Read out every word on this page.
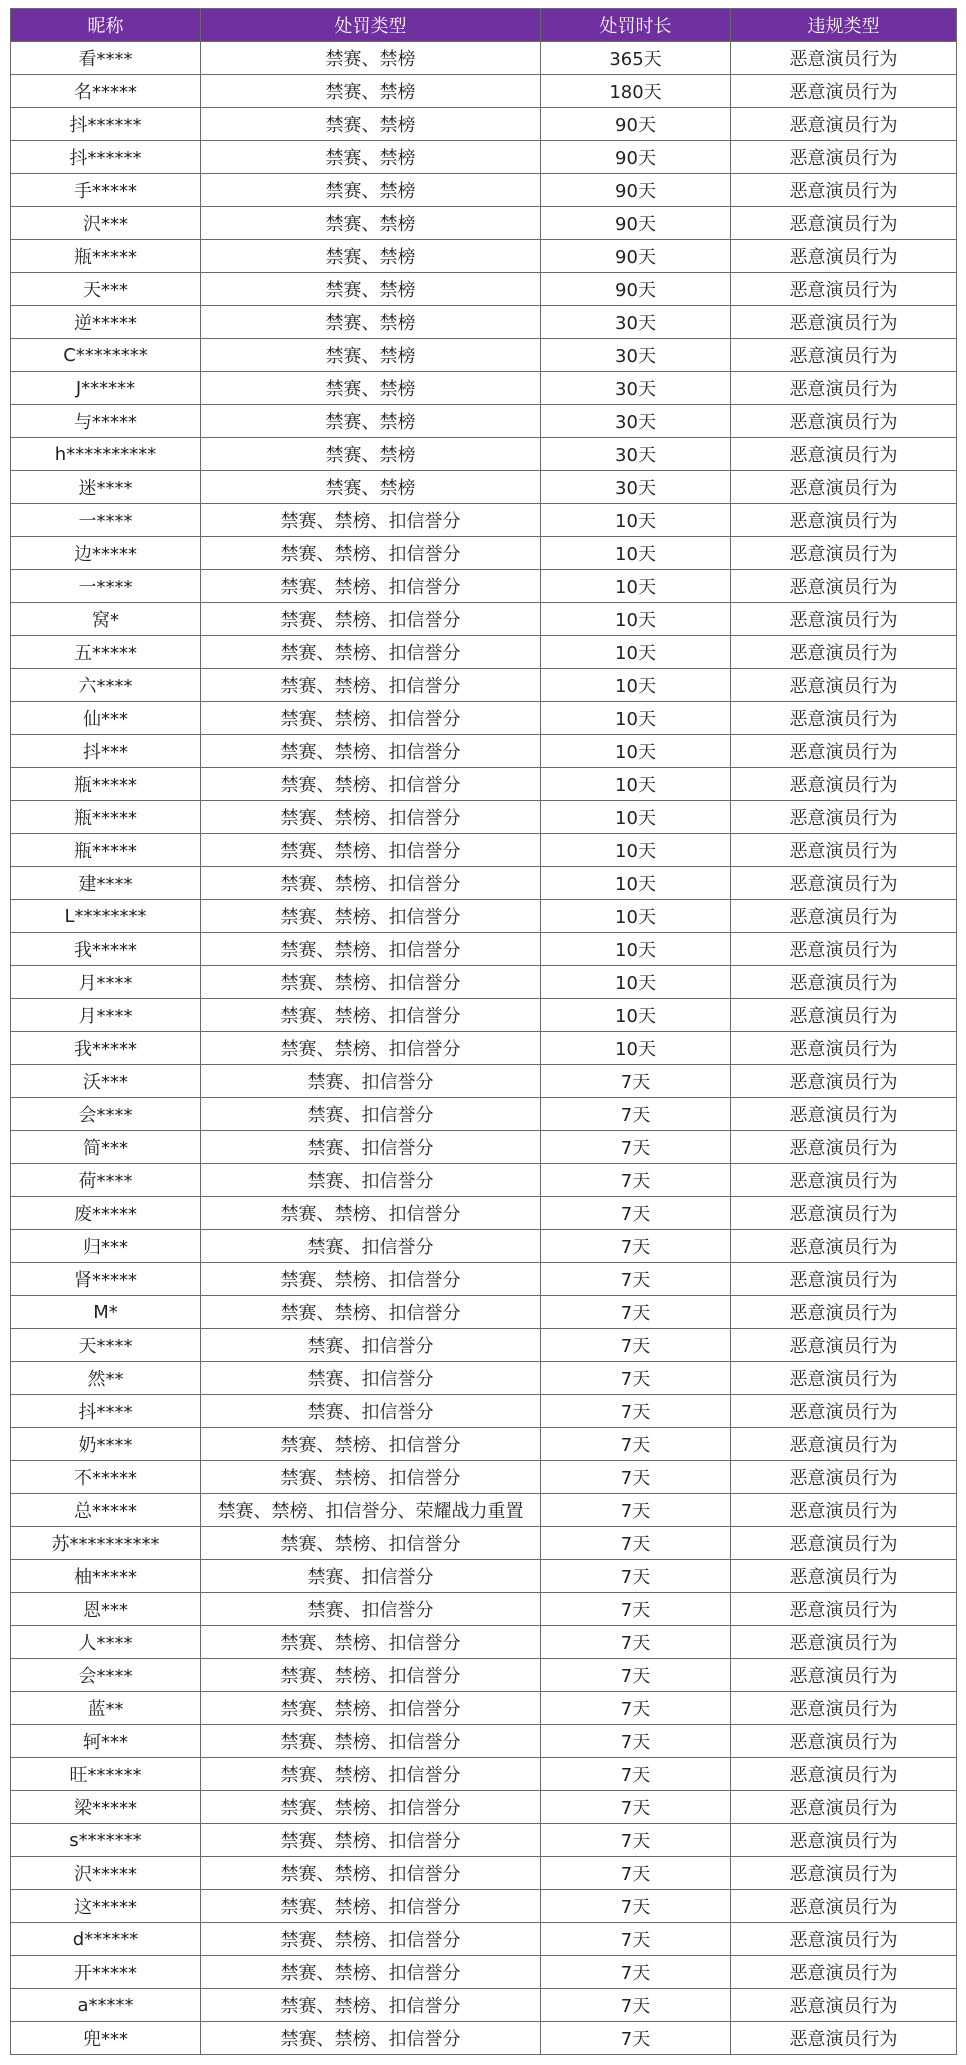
昵称	处罚类型	处罚时长	违规类型
看****	禁赛、禁榜	365天	恶意演员行为
名*****	禁赛、禁榜	180天	恶意演员行为
抖******	禁赛、禁榜	90天	恶意演员行为
抖******	禁赛、禁榜	90天	恶意演员行为
手*****	禁赛、禁榜	90天	恶意演员行为
沢***	禁赛、禁榜	90天	恶意演员行为
瓶*****	禁赛、禁榜	90天	恶意演员行为
天***	禁赛、禁榜	90天	恶意演员行为
逆*****	禁赛、禁榜	30天	恶意演员行为
C********	禁赛、禁榜	30天	恶意演员行为
J******	禁赛、禁榜	30天	恶意演员行为
与*****	禁赛、禁榜	30天	恶意演员行为
h**********	禁赛、禁榜	30天	恶意演员行为
迷****	禁赛、禁榜	30天	恶意演员行为
一****	禁赛、禁榜、扣信誉分	10天	恶意演员行为
边*****	禁赛、禁榜、扣信誉分	10天	恶意演员行为
一****	禁赛、禁榜、扣信誉分	10天	恶意演员行为
窝*	禁赛、禁榜、扣信誉分	10天	恶意演员行为
五*****	禁赛、禁榜、扣信誉分	10天	恶意演员行为
六****	禁赛、禁榜、扣信誉分	10天	恶意演员行为
仙***	禁赛、禁榜、扣信誉分	10天	恶意演员行为
抖***	禁赛、禁榜、扣信誉分	10天	恶意演员行为
瓶*****	禁赛、禁榜、扣信誉分	10天	恶意演员行为
瓶*****	禁赛、禁榜、扣信誉分	10天	恶意演员行为
瓶*****	禁赛、禁榜、扣信誉分	10天	恶意演员行为
建****	禁赛、禁榜、扣信誉分	10天	恶意演员行为
L********	禁赛、禁榜、扣信誉分	10天	恶意演员行为
我*****	禁赛、禁榜、扣信誉分	10天	恶意演员行为
月****	禁赛、禁榜、扣信誉分	10天	恶意演员行为
月****	禁赛、禁榜、扣信誉分	10天	恶意演员行为
我*****	禁赛、禁榜、扣信誉分	10天	恶意演员行为
沃***	禁赛、扣信誉分	7天	恶意演员行为
会****	禁赛、扣信誉分	7天	恶意演员行为
简***	禁赛、扣信誉分	7天	恶意演员行为
荷****	禁赛、扣信誉分	7天	恶意演员行为
废*****	禁赛、禁榜、扣信誉分	7天	恶意演员行为
归***	禁赛、扣信誉分	7天	恶意演员行为
肾*****	禁赛、禁榜、扣信誉分	7天	恶意演员行为
M*	禁赛、禁榜、扣信誉分	7天	恶意演员行为
天****	禁赛、扣信誉分	7天	恶意演员行为
然**	禁赛、扣信誉分	7天	恶意演员行为
抖****	禁赛、扣信誉分	7天	恶意演员行为
奶****	禁赛、禁榜、扣信誉分	7天	恶意演员行为
不*****	禁赛、禁榜、扣信誉分	7天	恶意演员行为
总*****	禁赛、禁榜、扣信誉分、荣耀战力重置	7天	恶意演员行为
苏**********	禁赛、禁榜、扣信誉分	7天	恶意演员行为
柚*****	禁赛、扣信誉分	7天	恶意演员行为
恩***	禁赛、扣信誉分	7天	恶意演员行为
人****	禁赛、禁榜、扣信誉分	7天	恶意演员行为
会****	禁赛、禁榜、扣信誉分	7天	恶意演员行为
蓝**	禁赛、禁榜、扣信誉分	7天	恶意演员行为
轲***	禁赛、禁榜、扣信誉分	7天	恶意演员行为
旺******	禁赛、禁榜、扣信誉分	7天	恶意演员行为
梁*****	禁赛、禁榜、扣信誉分	7天	恶意演员行为
s*******	禁赛、禁榜、扣信誉分	7天	恶意演员行为
沢*****	禁赛、禁榜、扣信誉分	7天	恶意演员行为
这*****	禁赛、禁榜、扣信誉分	7天	恶意演员行为
d******	禁赛、禁榜、扣信誉分	7天	恶意演员行为
开*****	禁赛、禁榜、扣信誉分	7天	恶意演员行为
a*****	禁赛、禁榜、扣信誉分	7天	恶意演员行为
兜***	禁赛、禁榜、扣信誉分	7天	恶意演员行为
